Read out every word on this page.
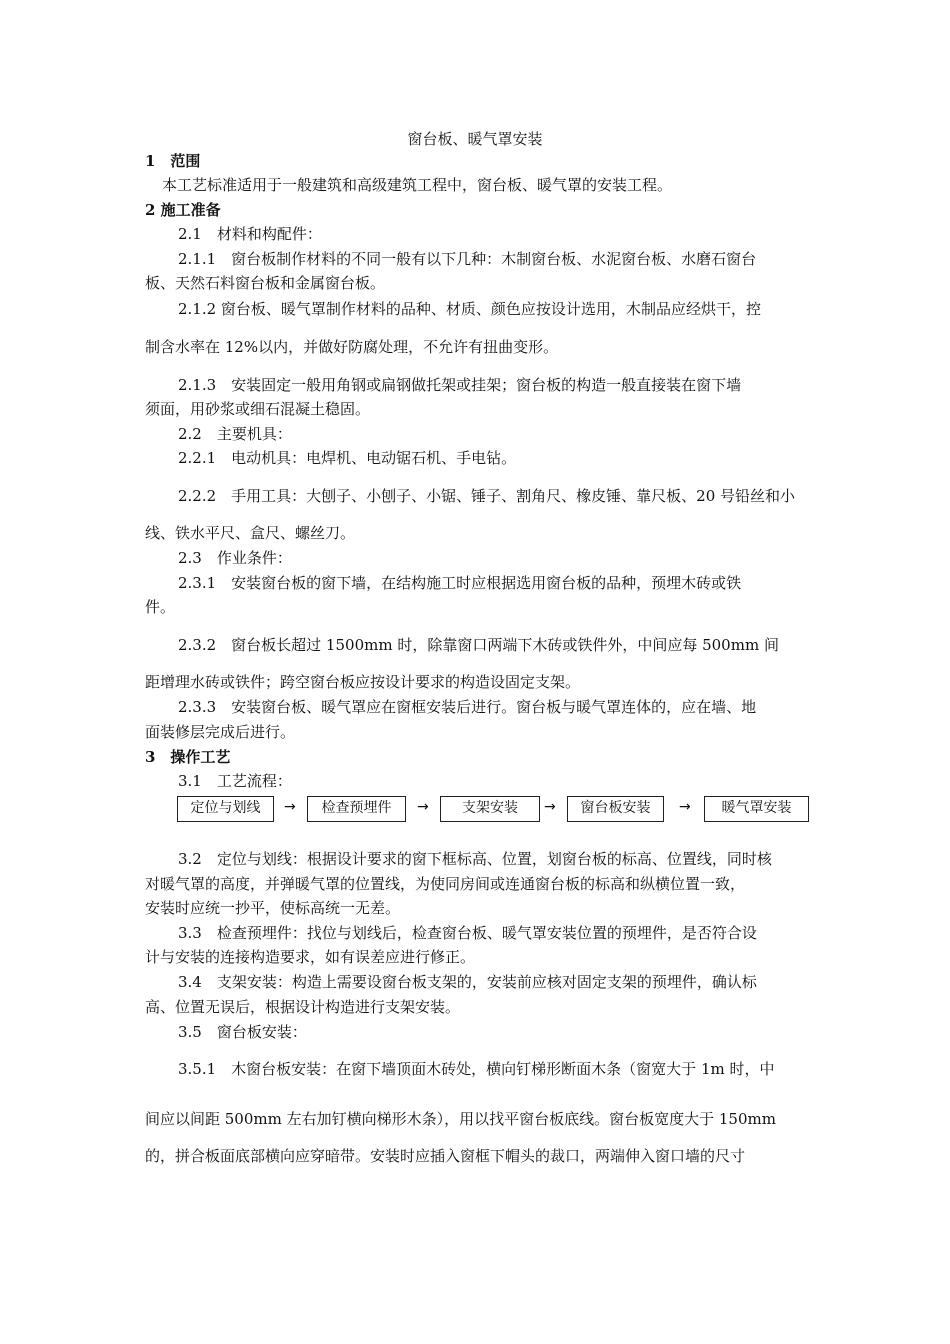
窗台板、暖气罩安装
1　范围
本工艺标准适用于一般建筑和高级建筑工程中，窗台板、暖气罩的安装工程。
2 施工准备
2.1　材料和构配件：
2.1.1　窗台板制作材料的不同一般有以下几种：木制窗台板、水泥窗台板、水磨石窗台
板、天然石料窗台板和金属窗台板。
2.1.2 窗台板、暖气罩制作材料的品种、材质、颜色应按设计选用，木制品应经烘干，控
制含水率在 12%以内，并做好防腐处理，不允许有扭曲变形。
2.1.3　安装固定一般用角钢或扁钢做托架或挂架；窗台板的构造一般直接装在窗下墙
须面，用砂浆或细石混凝土稳固。
2.2　主要机具：
2.2.1　电动机具：电焊机、电动锯石机、手电钻。
2.2.2　手用工具：大刨子、小刨子、小锯、锤子、割角尺、橡皮锤、靠尺板、20 号铅丝和小
线、铁水平尺、盒尺、螺丝刀。
2.3　作业条件：
2.3.1　安装窗台板的窗下墙，在结构施工时应根据选用窗台板的品种，预埋木砖或铁
件。
2.3.2　窗台板长超过 1500mm 时，除靠窗口两端下木砖或铁件外，中间应每 500mm 间
距增理水砖或铁件；跨空窗台板应按设计要求的构造设固定支架。
2.3.3　安装窗台板、暖气罩应在窗框安装后进行。窗台板与暖气罩连体的，应在墙、地
面装修层完成后进行。
3　操作工艺
3.1　工艺流程：
定位与划线	→	检查预埋件	→	支架安装	→	窗台板安装	→	暖气罩安装
3.2　定位与划线：根据设计要求的窗下框标高、位置，划窗台板的标高、位置线，同时核
对暖气罩的高度，并弹暖气罩的位置线，为使同房间或连通窗台板的标高和纵横位置一致，
安装时应统一抄平，使标高统一无差。
3.3　检查预埋件：找位与划线后，检查窗台板、暖气罩安装位置的预埋件，是否符合设
计与安装的连接构造要求，如有误差应进行修正。
3.4　支架安装：构造上需要设窗台板支架的，安装前应核对固定支架的预埋件，确认标
高、位置无误后，根据设计构造进行支架安装。
3.5　窗台板安装：
3.5.1　木窗台板安装：在窗下墙顶面木砖处，横向钉梯形断面木条（窗宽大于 1m 时，中
间应以间距 500mm 左右加钉横向梯形木条），用以找平窗台板底线。窗台板宽度大于 150mm
的，拼合板面底部横向应穿暗带。安装时应插入窗框下帽头的裁口，两端伸入窗口墙的尺寸
